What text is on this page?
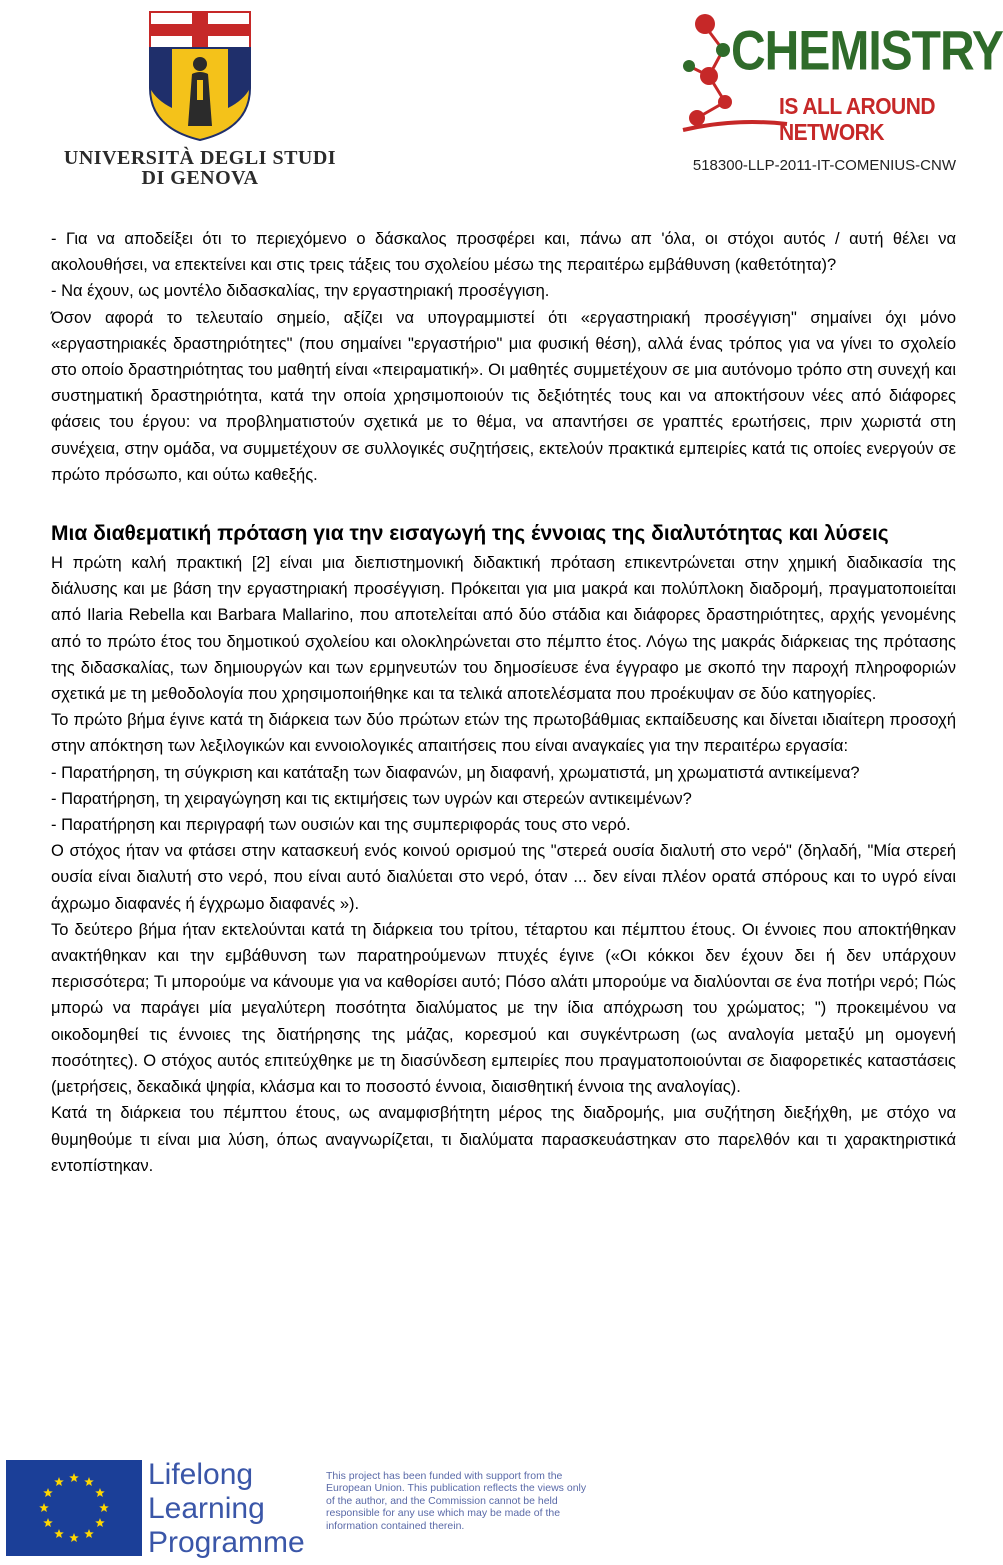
UNIVERSITÀ DEGLI STUDI
DI GENOVA
CHEMISTRY
IS ALL AROUND NETWORK
518300-LLP-2011-IT-COMENIUS-CNW

- Για να αποδείξει ότι το περιεχόμενο ο δάσκαλος προσφέρει και, πάνω απ 'όλα, οι στόχοι αυτός / αυτή θέλει να ακολουθήσει, να επεκτείνει και στις τρεις τάξεις του σχολείου μέσω της περαιτέρω εμβάθυνση (καθετότητα)?

- Να έχουν, ως μοντέλο διδασκαλίας, την εργαστηριακή προσέγγιση.

Όσον αφορά το τελευταίο σημείο, αξίζει να υπογραμμιστεί ότι «εργαστηριακή προσέγγιση" σημαίνει όχι μόνο «εργαστηριακές δραστηριότητες" (που σημαίνει "εργαστήριο" μια φυσική θέση), αλλά ένας τρόπος για να γίνει το σχολείο στο οποίο δραστηριότητας του μαθητή είναι «πειραματική». Οι μαθητές συμμετέχουν σε μια αυτόνομο τρόπο στη συνεχή και συστηματική δραστηριότητα, κατά την οποία χρησιμοποιούν τις δεξιότητές τους και να αποκτήσουν νέες από διάφορες φάσεις του έργου: να προβληματιστούν σχετικά με το θέμα, να απαντήσει σε γραπτές ερωτήσεις, πριν χωριστά στη συνέχεια, στην ομάδα, να συμμετέχουν σε συλλογικές συζητήσεις, εκτελούν πρακτικά εμπειρίες κατά τις οποίες ενεργούν σε πρώτο πρόσωπο, και ούτω καθεξής.

Μια διαθεματική πρόταση για την εισαγωγή της έννοιας της διαλυτότητας και λύσεις

Η πρώτη καλή πρακτική [2] είναι μια διεπιστημονική διδακτική πρόταση επικεντρώνεται στην χημική διαδικασία της διάλυσης και με βάση την εργαστηριακή προσέγγιση. Πρόκειται για μια μακρά και πολύπλοκη διαδρομή, πραγματοποιείται από Ilaria Rebella και Barbara Mallarino, που αποτελείται από δύο στάδια και διάφορες δραστηριότητες, αρχής γενομένης από το πρώτο έτος του δημοτικού σχολείου και ολοκληρώνεται στο πέμπτο έτος. Λόγω της μακράς διάρκειας της πρότασης της διδασκαλίας, των δημιουργών και των ερμηνευτών του δημοσίευσε ένα έγγραφο με σκοπό την παροχή πληροφοριών σχετικά με τη μεθοδολογία που χρησιμοποιήθηκε και τα τελικά αποτελέσματα που προέκυψαν σε δύο κατηγορίες.

Το πρώτο βήμα έγινε κατά τη διάρκεια των δύο πρώτων ετών της πρωτοβάθμιας εκπαίδευσης και δίνεται ιδιαίτερη προσοχή στην απόκτηση των λεξιλογικών και εννοιολογικές απαιτήσεις που είναι αναγκαίες για την περαιτέρω εργασία:

- Παρατήρηση, τη σύγκριση και κατάταξη των διαφανών, μη διαφανή, χρωματιστά, μη χρωματιστά αντικείμενα?

- Παρατήρηση, τη χειραγώγηση και τις εκτιμήσεις των υγρών και στερεών αντικειμένων?

- Παρατήρηση και περιγραφή των ουσιών και της συμπεριφοράς τους στο νερό.

Ο στόχος ήταν να φτάσει στην κατασκευή ενός κοινού ορισμού της "στερεά ουσία διαλυτή στο νερό" (δηλαδή, "Μία στερεή ουσία είναι διαλυτή στο νερό, που είναι αυτό διαλύεται στο νερό, όταν ... δεν είναι πλέον ορατά σπόρους και το υγρό είναι άχρωμο διαφανές ή έγχρωμο διαφανές »).

Το δεύτερο βήμα ήταν εκτελούνται κατά τη διάρκεια του τρίτου, τέταρτου και πέμπτου έτους. Οι έννοιες που αποκτήθηκαν ανακτήθηκαν και την εμβάθυνση των παρατηρούμενων πτυχές έγινε («Οι κόκκοι δεν έχουν δει ή δεν υπάρχουν περισσότερα; Τι μπορούμε να κάνουμε για να καθορίσει αυτό; Πόσο αλάτι μπορούμε να διαλύονται σε ένα ποτήρι νερό; Πώς μπορώ να παράγει μία μεγαλύτερη ποσότητα διαλύματος με την ίδια απόχρωση του χρώματος; ") προκειμένου να οικοδομηθεί τις έννοιες της διατήρησης της μάζας, κορεσμού και συγκέντρωση (ως αναλογία μεταξύ μη ομογενή ποσότητες). Ο στόχος αυτός επιτεύχθηκε με τη διασύνδεση εμπειρίες που πραγματοποιούνται σε διαφορετικές καταστάσεις (μετρήσεις, δεκαδικά ψηφία, κλάσμα και το ποσοστό έννοια, διαισθητική έννοια της αναλογίας).

Κατά τη διάρκεια του πέμπτου έτους, ως αναμφισβήτητη μέρος της διαδρομής, μια συζήτηση διεξήχθη, με στόχο να θυμηθούμε τι είναι μια λύση, όπως αναγνωρίζεται, τι διαλύματα παρασκευάστηκαν στο παρελθόν και τι χαρακτηριστικά εντοπίστηκαν.

Lifelong
Learning
Programme
This project has been funded with support from the European Union. This publication reflects the views only of the author, and the Commission cannot be held responsible for any use which may be made of the information contained therein.
